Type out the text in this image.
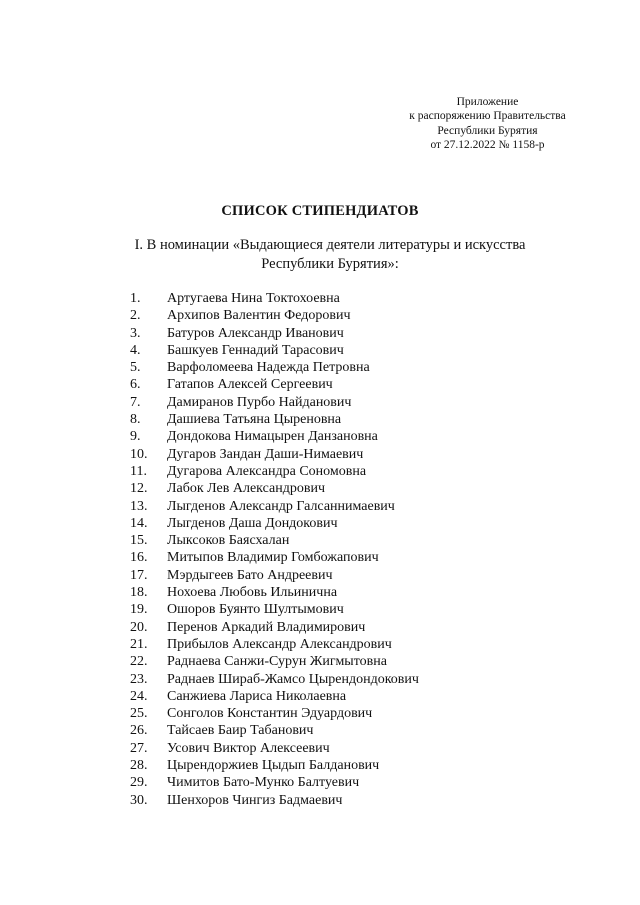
Приложение
к распоряжению Правительства
Республики Бурятия
от 27.12.2022 № 1158-р
СПИСОК СТИПЕНДИАТОВ
I. В номинации «Выдающиеся деятели литературы и искусства
Республики Бурятия»:
1. Артугаева Нина Токтохоевна
2. Архипов Валентин Федорович
3. Батуров Александр Иванович
4. Башкуев Геннадий Тарасович
5. Варфоломеева Надежда Петровна
6. Гатапов Алексей Сергеевич
7. Дамиранов Пурбо Найданович
8. Дашиева Татьяна Цыреновна
9. Дондокова Нимацырен Данзановна
10. Дугаров Зандан Даши-Нимаевич
11. Дугарова Александра Сономовна
12. Лабок Лев Александрович
13. Лыгденов Александр Галсаннимаевич
14. Лыгденов Даша Дондокович
15. Лыксоков Баясхалан
16. Митыпов Владимир Гомбожапович
17. Мэрдыгеев Бато Андреевич
18. Нохоева Любовь Ильинична
19. Ошоров Буянто Шултымович
20. Перенов Аркадий Владимирович
21. Прибылов Александр Александрович
22. Раднаева Санжи-Сурун Жигмытовна
23. Раднаев Шираб-Жамсо Цырендондокович
24. Санжиева Лариса Николаевна
25. Сонголов Константин Эдуардович
26. Тайсаев Баир Табанович
27. Усович Виктор Алексеевич
28. Цырендоржиев Цыдып Балданович
29. Чимитов Бато-Мунко Балтуевич
30. Шенхоров Чингиз Бадмаевич
